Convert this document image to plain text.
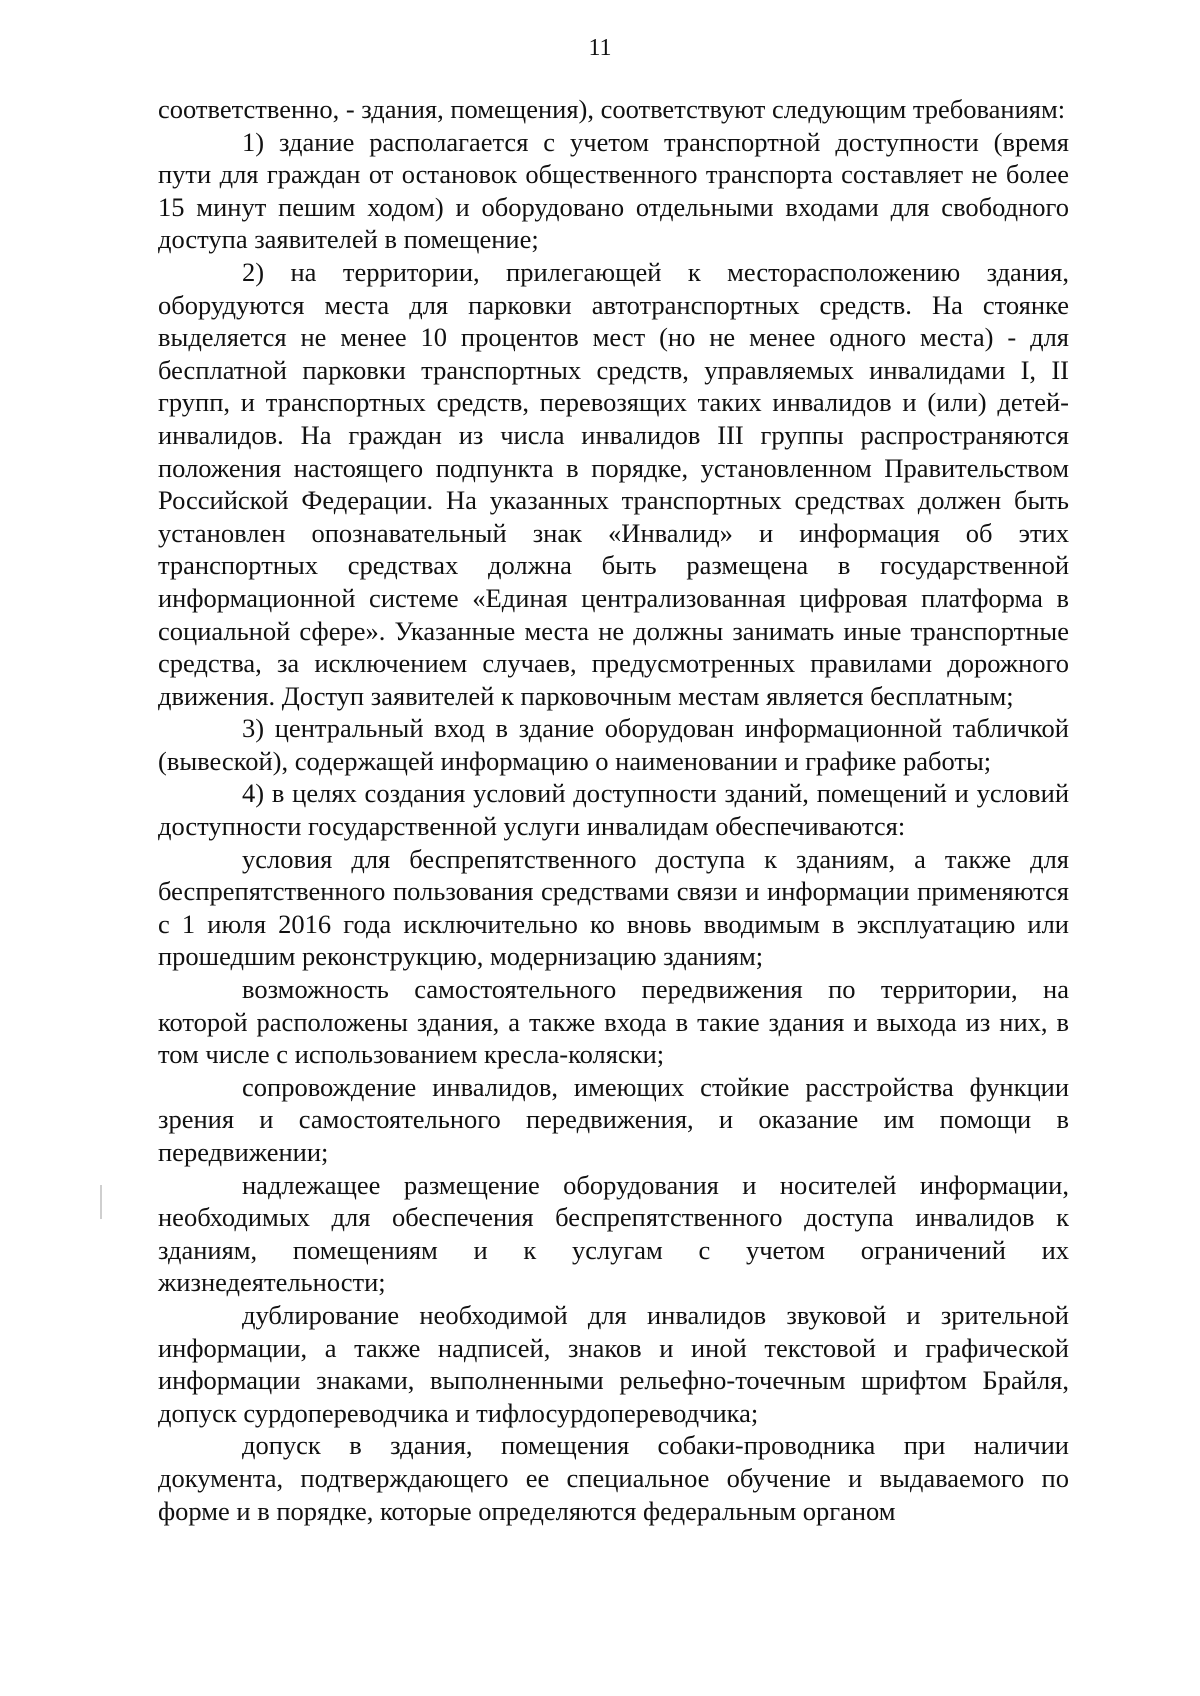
11

соответственно, - здания, помещения), соответствуют следующим требованиям:

1) здание располагается с учетом транспортной доступности (время пути для граждан от остановок общественного транспорта составляет не более 15 минут пешим ходом) и оборудовано отдельными входами для свободного доступа заявителей в помещение;

2) на территории, прилегающей к месторасположению здания, оборудуются места для парковки автотранспортных средств. На стоянке выделяется не менее 10 процентов мест (но не менее одного места) - для бесплатной парковки транспортных средств, управляемых инвалидами I, II групп, и транспортных средств, перевозящих таких инвалидов и (или) детей-инвалидов. На граждан из числа инвалидов III группы распространяются положения настоящего подпункта в порядке, установленном Правительством Российской Федерации. На указанных транспортных средствах должен быть установлен опознавательный знак «Инвалид» и информация об этих транспортных средствах должна быть размещена в государственной информационной системе «Единая централизованная цифровая платформа в социальной сфере». Указанные места не должны занимать иные транспортные средства, за исключением случаев, предусмотренных правилами дорожного движения. Доступ заявителей к парковочным местам является бесплатным;

3) центральный вход в здание оборудован информационной табличкой (вывеской), содержащей информацию о наименовании и графике работы;

4) в целях создания условий доступности зданий, помещений и условий доступности государственной услуги инвалидам обеспечиваются:

условия для беспрепятственного доступа к зданиям, а также для беспрепятственного пользования средствами связи и информации применяются с 1 июля 2016 года исключительно ко вновь вводимым в эксплуатацию или прошедшим реконструкцию, модернизацию зданиям;

возможность самостоятельного передвижения по территории, на которой расположены здания, а также входа в такие здания и выхода из них, в том числе с использованием кресла-коляски;

сопровождение инвалидов, имеющих стойкие расстройства функции зрения и самостоятельного передвижения, и оказание им помощи в передвижении;

надлежащее размещение оборудования и носителей информации, необходимых для обеспечения беспрепятственного доступа инвалидов к зданиям, помещениям и к услугам с учетом ограничений их жизнедеятельности;

дублирование необходимой для инвалидов звуковой и зрительной информации, а также надписей, знаков и иной текстовой и графической информации знаками, выполненными рельефно-точечным шрифтом Брайля, допуск сурдопереводчика и тифлосурдопереводчика;

допуск в здания, помещения собаки-проводника при наличии документа, подтверждающего ее специальное обучение и выдаваемого по форме и в порядке, которые определяются федеральным органом
